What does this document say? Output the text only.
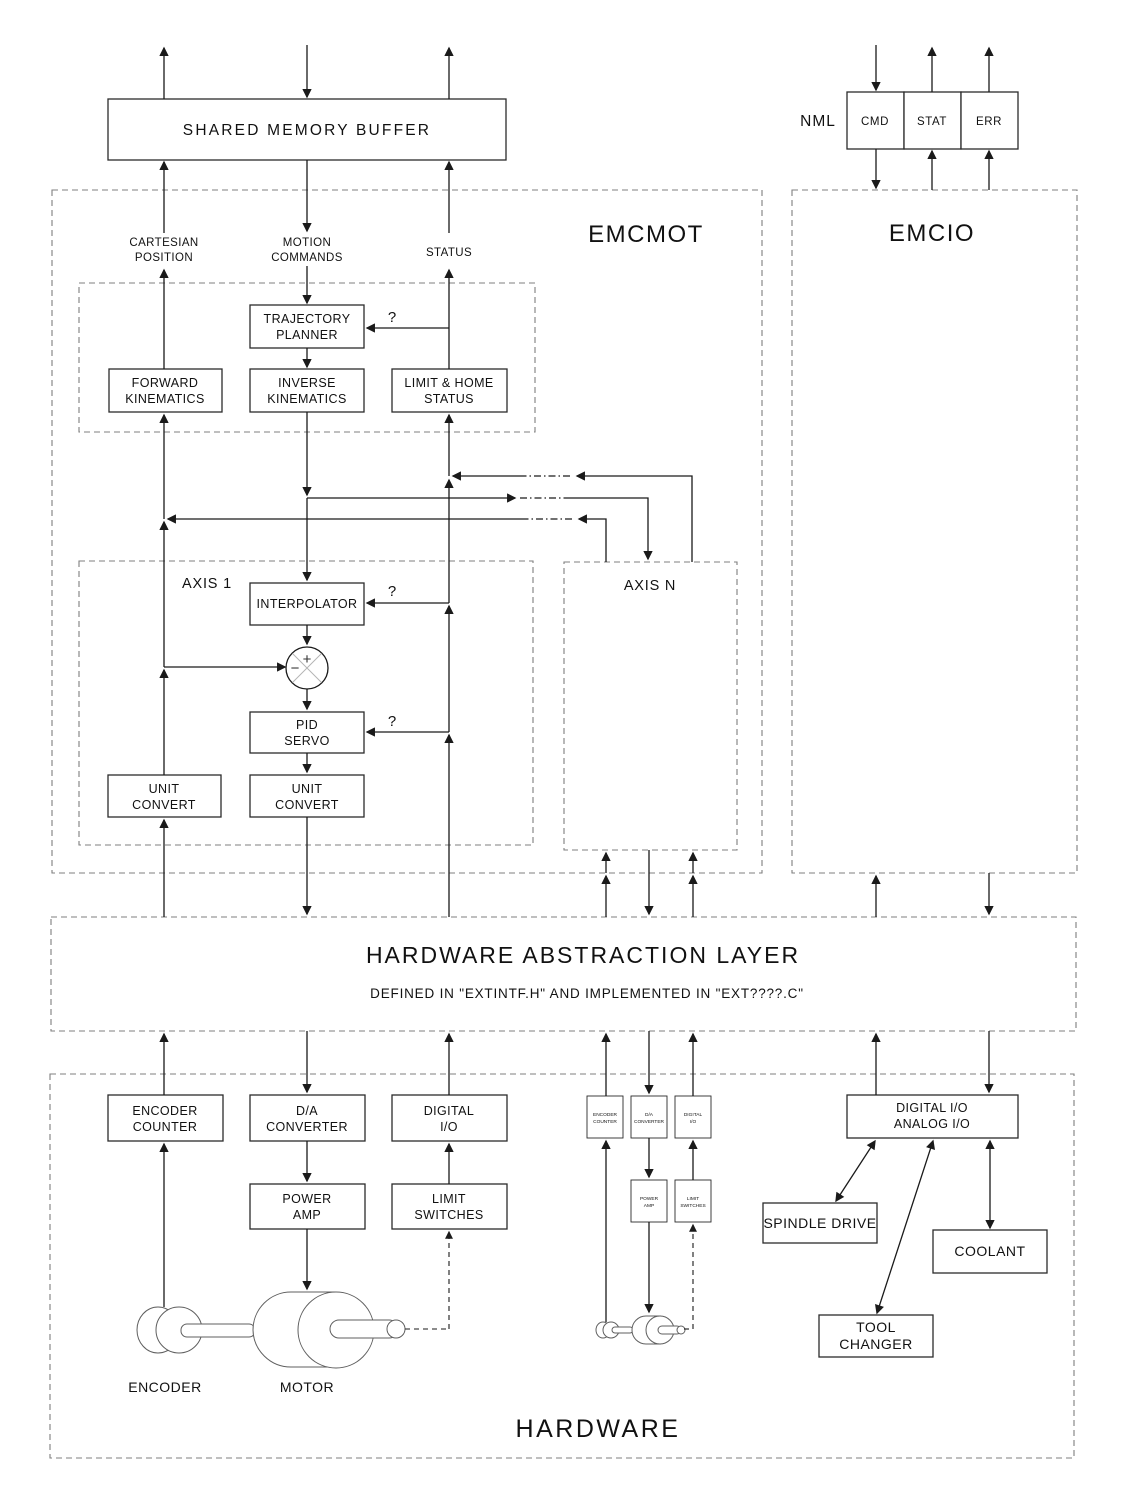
EMCMOT	EMCIO
AXIS 1	AXIS N
HARDWARE ABSTRACTION LAYER
DEFINED IN "EXTINTF.H" AND IMPLEMENTED IN "EXT????.C"
HARDWARE
SHARED MEMORY BUFFER
NML CMD STAT	ERR
CARTESIAN
POSITION
MOTION
COMMANDS	STATUS
TRAJECTORY
PLANNER
FORWARD
KINEMATICS
INVERSE
KINEMATICS
LIMIT & HOME
STATUS
INTERPOLATOR
+
−
PID
SERVO
UNIT
CONVERT
UNIT
CONVERT
?
?
?
ENCODER
COUNTER
D/A
CONVERTER
DIGITAL
I/O
POWER
AMP
LIMIT
SWITCHES
ENCODER
COUNTER
D/A
CONVERTER
DIGITAL
I/O
POWER
AMP
LIMIT
SWITCHES
DIGITAL I/O
ANALOG I/O
SPINDLE DRIVE
COOLANT
TOOL
CHANGER
ENCODER	MOTOR
